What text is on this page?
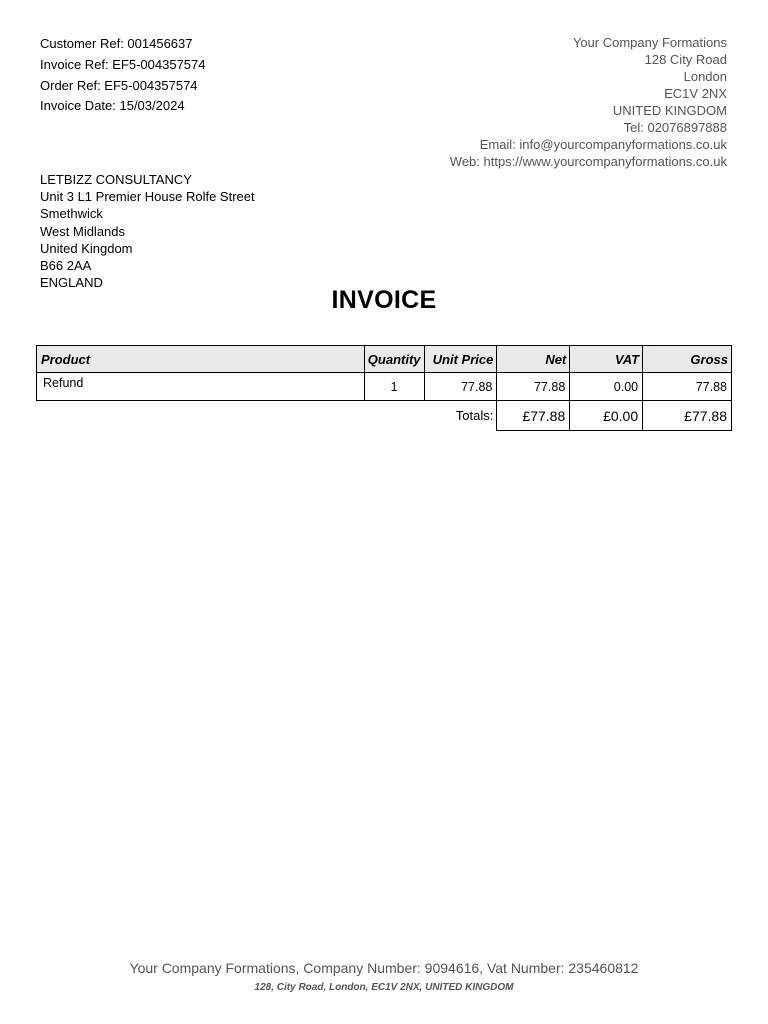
Customer Ref: 001456637
Invoice Ref: EF5-004357574
Order Ref: EF5-004357574
Invoice Date: 15/03/2024
Your Company Formations
128 City Road
London
EC1V 2NX
UNITED KINGDOM
Tel: 02076897888
Email: info@yourcompanyformations.co.uk
Web: https://www.yourcompanyformations.co.uk
LETBIZZ CONSULTANCY
Unit 3 L1 Premier House Rolfe Street
Smethwick
West Midlands
United Kingdom
B66 2AA
ENGLAND
INVOICE
Product	Quantity	Unit Price	Net	VAT	Gross
Refund	1	77.88	77.88	0.00	77.88
Totals:			£77.88	£0.00	£77.88
Your Company Formations, Company Number: 9094616, Vat Number: 235460812
128, City Road, London, EC1V 2NX, UNITED KINGDOM
